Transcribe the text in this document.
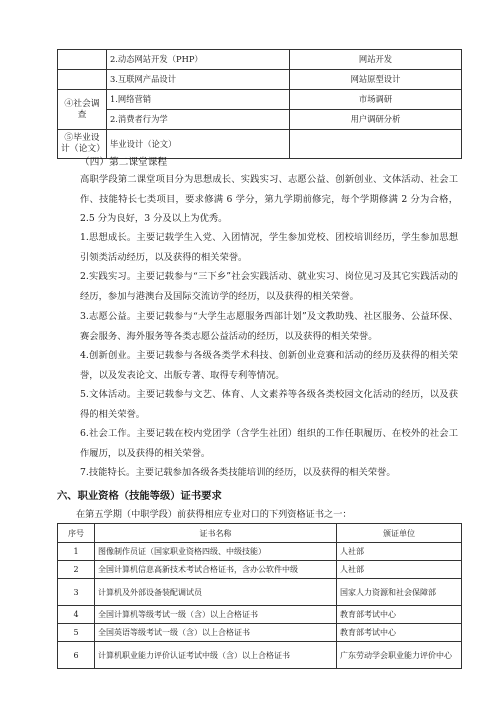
	2.动态网站开发（PHP）	网站开发
	3.互联网产品设计	网站原型设计
④社会调查	1.网络营销	市场调研
	2.消费者行为学	用户调研分析
⑤毕业设计（论文）	毕业设计（论文）	
（四）第二课堂课程
高职学段第二课堂项目分为思想成长、实践实习、志愿公益、创新创业、文体活动、社会工作、技能特长七类项目，要求修满 6 学分，第九学期前修完，每个学期修满 2 分为合格，2.5 分为良好，3 分及以上为优秀。
1.思想成长。主要记载学生入党、入团情况，学生参加党校、团校培训经历，学生参加思想引领类活动经历，以及获得的相关荣誉。
2.实践实习。主要记载参与“三下乡”社会实践活动、就业实习、岗位见习及其它实践活动的经历，参加与港澳台及国际交流访学的经历，以及获得的相关荣誉。
3.志愿公益。主要记载参与“大学生志愿服务西部计划”及文教助残、社区服务、公益环保、赛会服务、海外服务等各类志愿公益活动的经历，以及获得的相关荣誉。
4.创新创业。主要记载参与各级各类学术科技、创新创业竞赛和活动的经历及获得的相关荣誉，以及发表论文、出版专著、取得专利等情况。
5.文体活动。主要记载参与文艺、体育、人文素养等各级各类校园文化活动的经历，以及获得的相关荣誉。
6.社会工作。主要记载在校内党团学（含学生社团）组织的工作任职履历、在校外的社会工作履历，以及获得的相关荣誉。
7.技能特长。主要记载参加各级各类技能培训的经历，以及获得的相关荣誉。
六、职业资格（技能等级）证书要求
在第五学期（中职学段）前获得相应专业对口的下列资格证书之一：
序号	证书名称	颁证单位
1	图像制作员证（国家职业资格四级、中级技能）	人社部
2	全国计算机信息高新技术考试合格证书，含办公软件中级	人社部
3	计算机及外部设备装配调试员	国家人力资源和社会保障部
4	全国计算机等级考试一级（含）以上合格证书	教育部考试中心
5	全国英语等级考试一级（含）以上合格证书	教育部考试中心
6	计算机职业能力评价认证考试中级（含）以上合格证书	广东劳动学会职业能力评价中心
